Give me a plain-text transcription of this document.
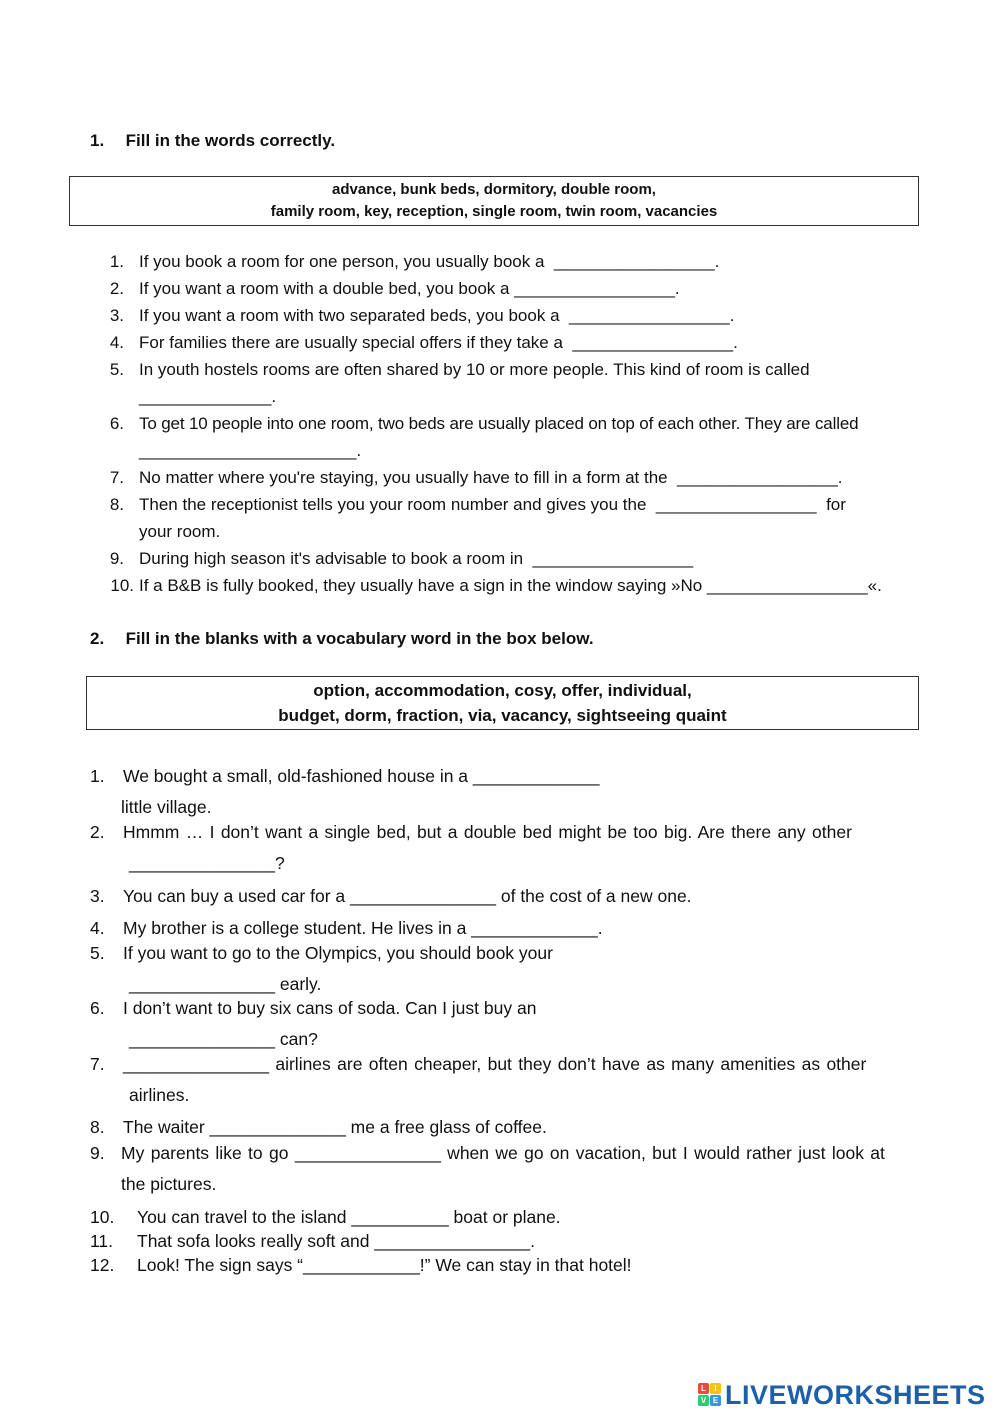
1. Fill in the words correctly.
advance, bunk beds, dormitory, double room,
family room, key, reception, single room, twin room, vacancies
1. If you book a room for one person, you usually book a  _________________.
2. If you want a room with a double bed, you book a _________________.
3. If you want a room with two separated beds, you book a  _________________.
4. For families there are usually special offers if they take a  _________________.
5. In youth hostels rooms are often shared by 10 or more people. This kind of room is called
______________.
6. To get 10 people into one room, two beds are usually placed on top of each other. They are called
_______________________.
7. No matter where you're staying, you usually have to fill in a form at the  _________________.
8. Then the receptionist tells you your room number and gives you the  _________________  for
your room.
9. During high season it's advisable to book a room in  _________________
10. If a B&B is fully booked, they usually have a sign in the window saying »No _________________«.
2. Fill in the blanks with a vocabulary word in the box below.
option, accommodation, cosy, offer, individual,
budget, dorm, fraction, via, vacancy, sightseeing quaint
1. We bought a small, old-fashioned house in a _____________
little village.
2. Hmmm … I don’t want a single bed, but a double bed might be too big. Are there any other
_______________?
3. You can buy a used car for a _______________ of the cost of a new one.
4. My brother is a college student. He lives in a _____________.
5. If you want to go to the Olympics, you should book your
_______________ early.
6. I don’t want to buy six cans of soda. Can I just buy an
_______________ can?
7. _______________ airlines are often cheaper, but they don’t have as many amenities as other
airlines.
8. The waiter ______________ me a free glass of coffee.
9. My parents like to go _______________ when we go on vacation, but I would rather just look at
the pictures.
10. You can travel to the island __________ boat or plane.
11. That sofa looks really soft and ________________.
12. Look! The sign says “____________!” We can stay in that hotel!
L	I
V E LIVEWORKSHEETS
